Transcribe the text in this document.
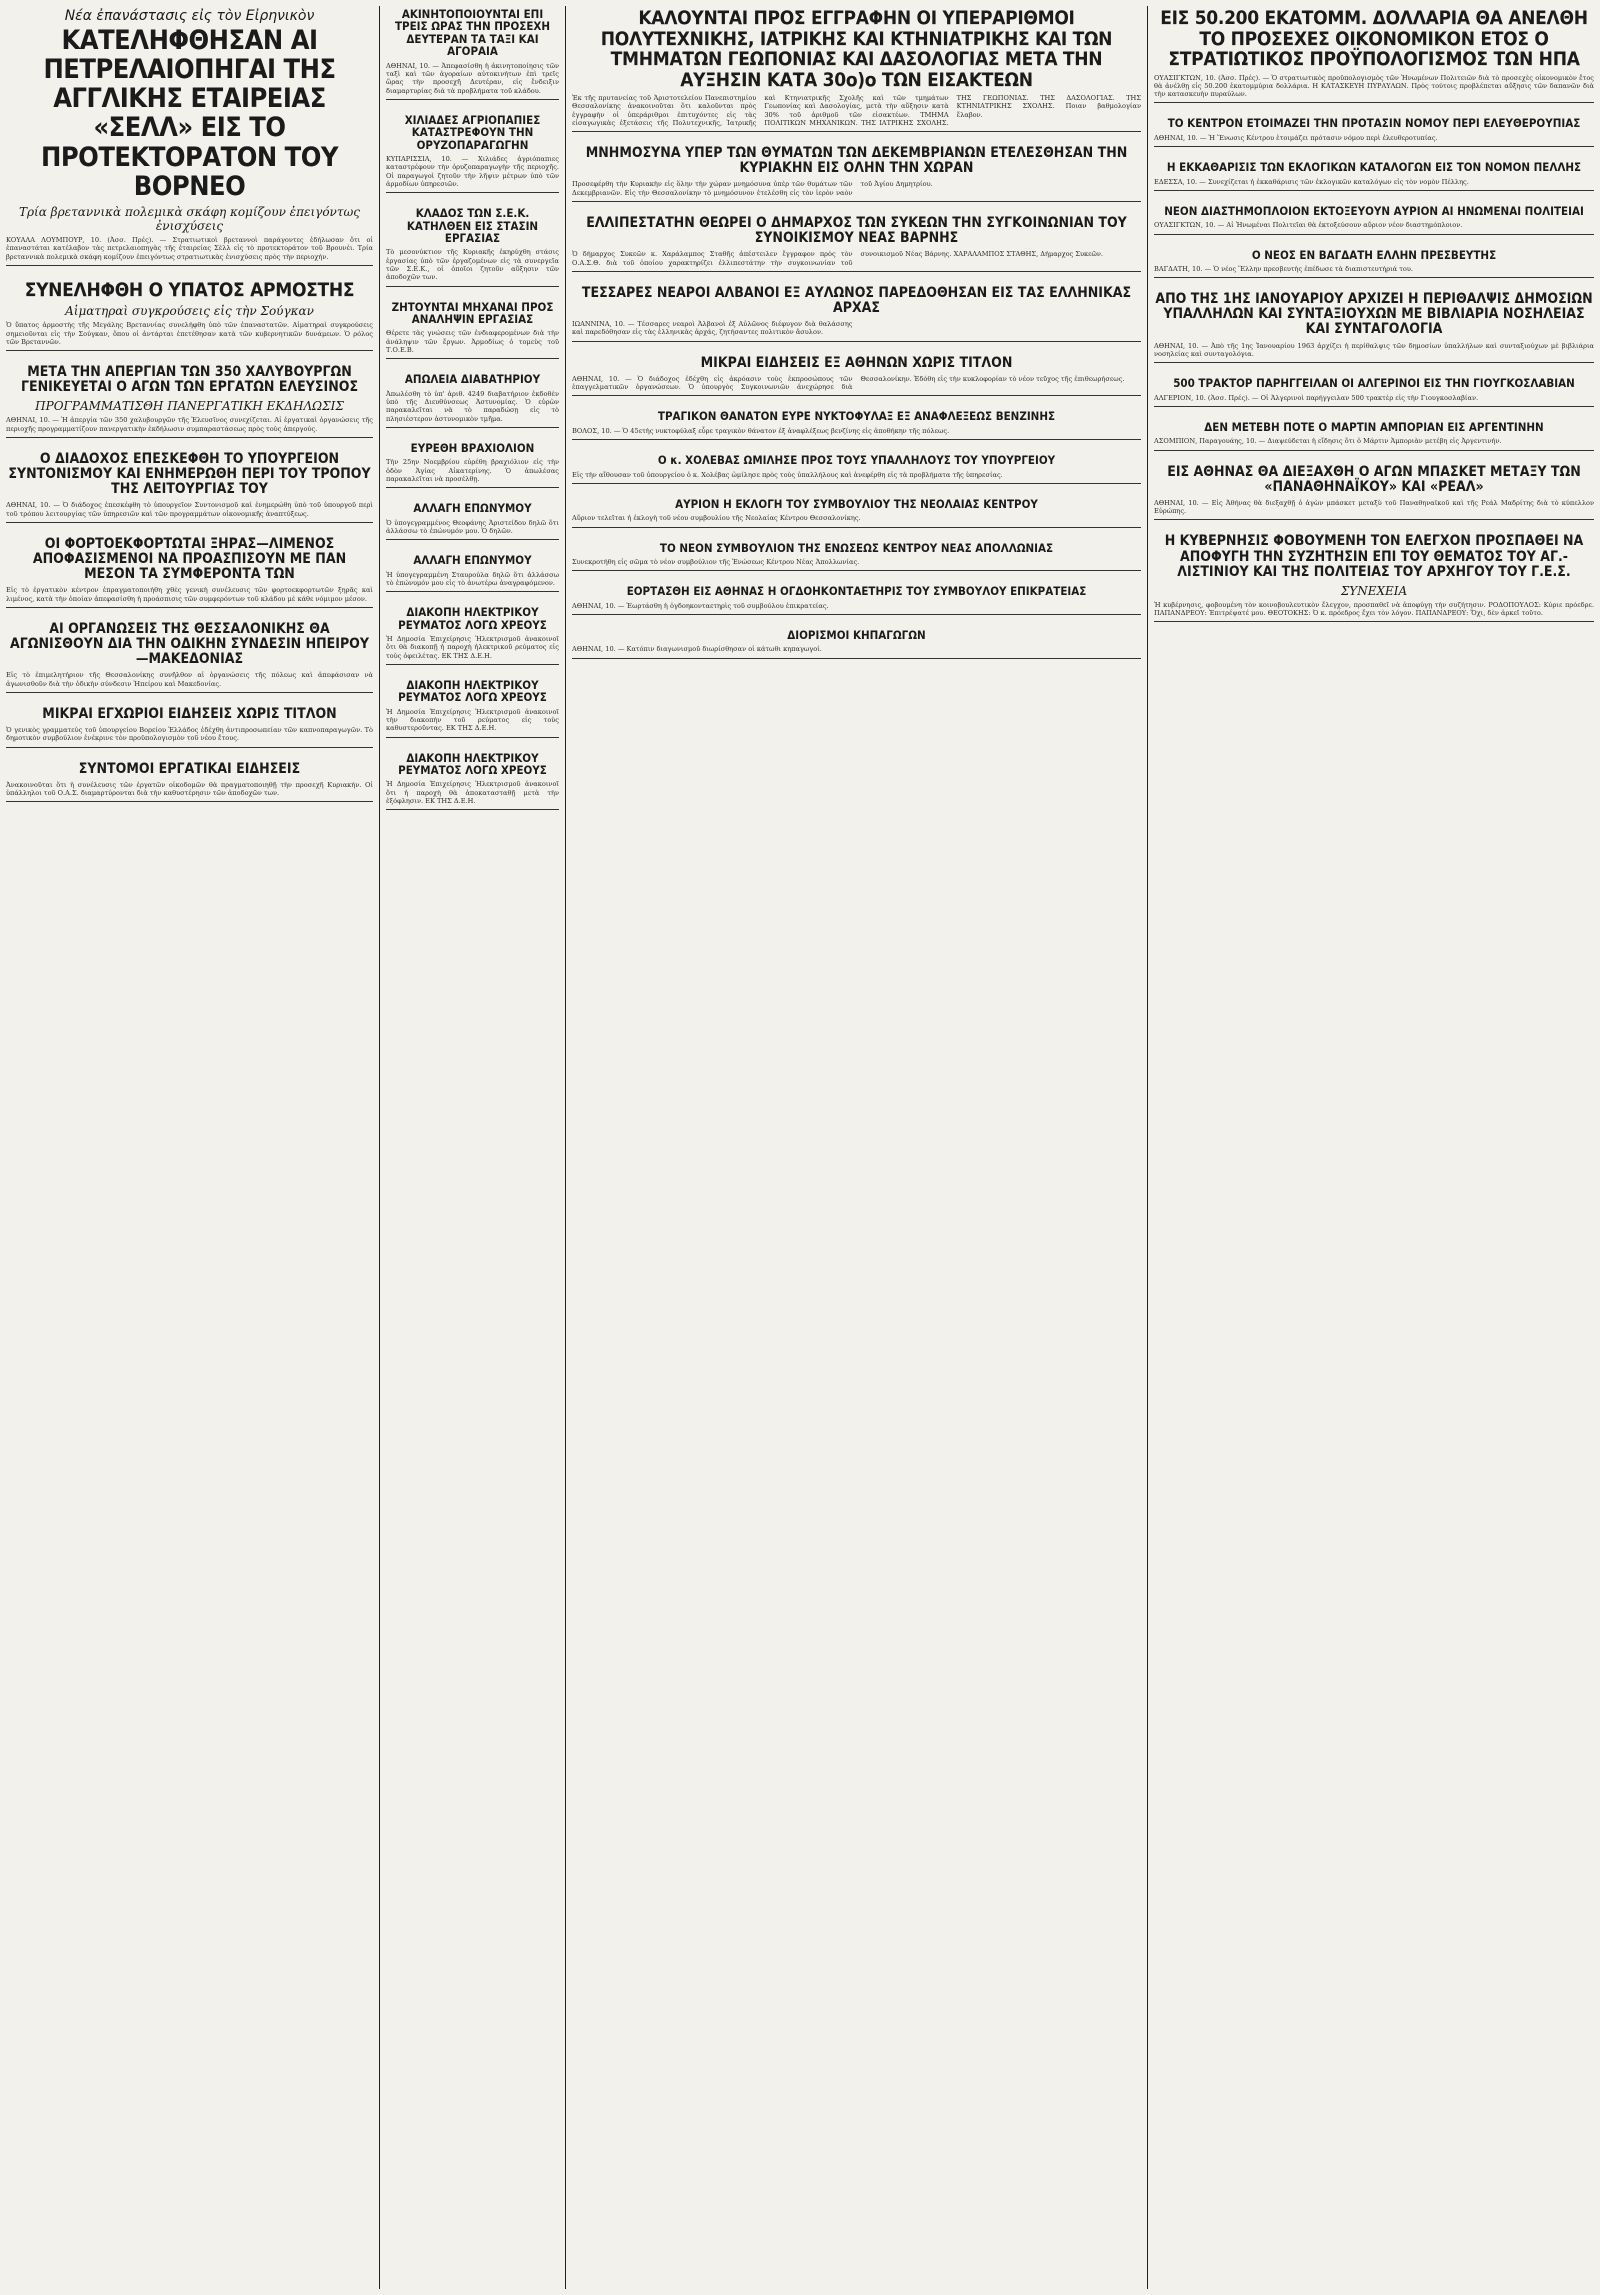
Νέα ἐπανάστασις εἰς τὸν Εἰρηνικὸν
ΚΑΤΕΛΗΦΘΗΣΑΝ ΑΙ ΠΕΤΡΕΛΑΙΟΠΗΓΑΙ ΤΗΣ ΑΓΓΛΙΚΗΣ ΕΤΑΙΡΕΙΑΣ «ΣΕΛΛ» ΕΙΣ ΤΟ ΠΡΟΤΕΚΤΟΡΑΤΟΝ ΤΟΥ ΒΟΡΝΕΟ
Τρία βρεταννικὰ πολεμικὰ σκάφη κομίζουν ἐπειγόντως ἐνισχύσεις
ΚΟΥΑΛΑ ΛΟΥΜΠΟΥΡ, 10. (Ἀσσ. Πρές). — Στρατιωτικοὶ βρεταννοὶ παράγοντες ἐδήλωσαν ὅτι οἱ ἐπαναστάται κατέλαβον τὰς πετρελαιοπηγὰς τῆς ἑταιρείας Σὲλλ εἰς τὸ προτεκτοράτον τοῦ Βρουνέι. Τρία βρεταννικὰ πολεμικὰ σκάφη κομίζουν ἐπειγόντως στρατιωτικὰς ἐνισχύσεις πρὸς τὴν περιοχήν.
ΣΥΝΕΛΗΦΘΗ Ο ΥΠΑΤΟΣ ΑΡΜΟΣΤΗΣ
Αἱματηραὶ συγκρούσεις εἰς τὴν Σούγκαν
Ὁ ὕπατος ἁρμοστὴς τῆς Μεγάλης Βρεταννίας συνελήφθη ὑπὸ τῶν ἐπαναστατῶν. Αἱματηραὶ συγκρούσεις σημειοῦνται εἰς τὴν Σούγκαν, ὅπου οἱ ἀντάρται ἐπετέθησαν κατὰ τῶν κυβερνητικῶν δυνάμεων. Ὁ ρόλος τῶν Βρεταννῶν.
ΜΕΤΑ ΤΗΝ ΑΠΕΡΓΙΑΝ ΤΩΝ 350 ΧΑΛΥΒΟΥΡΓΩΝ ΓΕΝΙΚΕΥΕΤΑΙ Ο ΑΓΩΝ ΤΩΝ ΕΡΓΑΤΩΝ ΕΛΕΥΣΙΝΟΣ
ΠΡΟΓΡΑΜΜΑΤΙΣΘΗ ΠΑΝΕΡΓΑΤΙΚΗ ΕΚΔΗΛΩΣΙΣ
ΑΘΗΝΑΙ, 10. — Ἡ ἀπεργία τῶν 350 χαλυβουργῶν τῆς Ἐλευσῖνος συνεχίζεται. Αἱ ἐργατικαὶ ὀργανώσεις τῆς περιοχῆς προγραμματίζουν πανεργατικὴν ἐκδήλωσιν συμπαραστάσεως πρὸς τοὺς ἀπεργούς.
Ο ΔΙΑΔΟΧΟΣ ΕΠΕΣΚΕΦΘΗ ΤΟ ΥΠΟΥΡΓΕΙΟΝ ΣΥΝΤΟΝΙΣΜΟΥ ΚΑΙ ΕΝΗΜΕΡΩΘΗ ΠΕΡΙ ΤΟΥ ΤΡΟΠΟΥ ΤΗΣ ΛΕΙΤΟΥΡΓΙΑΣ ΤΟΥ
ΑΘΗΝΑΙ, 10. — Ὁ διάδοχος ἐπεσκέφθη τὸ ὑπουργεῖον Συντονισμοῦ καὶ ἐνημερώθη ὑπὸ τοῦ ὑπουργοῦ περὶ τοῦ τρόπου λειτουργίας τῶν ὑπηρεσιῶν καὶ τῶν προγραμμάτων οἰκονομικῆς ἀναπτύξεως.
ΟΙ ΦΟΡΤΟΕΚΦΟΡΤΩΤΑΙ ΞΗΡΑΣ—ΛΙΜΕΝΟΣ ΑΠΟΦΑΣΙΣΜΕΝΟΙ ΝΑ ΠΡΟΑΣΠΙΣΟΥΝ ΜΕ ΠΑΝ ΜΕΣΟΝ ΤΑ ΣΥΜΦΕΡΟΝΤΑ ΤΩΝ
Εἰς τὸ ἐργατικὸν κέντρον ἐπραγματοποιήθη χθὲς γενικὴ συνέλευσις τῶν φορτοεκφορτωτῶν ξηρᾶς καὶ λιμένος, κατὰ τὴν ὁποίαν ἀπεφασίσθη ἡ προάσπισις τῶν συμφερόντων τοῦ κλάδου μὲ κάθε νόμιμον μέσον.
ΑΙ ΟΡΓΑΝΩΣΕΙΣ ΤΗΣ ΘΕΣΣΑΛΟΝΙΚΗΣ ΘΑ ΑΓΩΝΙΣΘΟΥΝ ΔΙΑ ΤΗΝ ΟΔΙΚΗΝ ΣΥΝΔΕΣΙΝ ΗΠΕΙΡΟΥ—ΜΑΚΕΔΟΝΙΑΣ
Εἰς τὸ ἐπιμελητήριον τῆς Θεσσαλονίκης συνῆλθον αἱ ὀργανώσεις τῆς πόλεως καὶ ἀπεφάσισαν νὰ ἀγωνισθοῦν διὰ τὴν ὁδικὴν σύνδεσιν Ἠπείρου καὶ Μακεδονίας.
ΜΙΚΡΑΙ ΕΓΧΩΡΙΟΙ ΕΙΔΗΣΕΙΣ ΧΩΡΙΣ ΤΙΤΛΟΝ
Ὁ γενικὸς γραμματεὺς τοῦ ὑπουργείου Βορείου Ἑλλάδος ἐδέχθη ἀντιπροσωπείαν τῶν καπνοπαραγωγῶν. Τὸ δημοτικὸν συμβούλιον ἐνέκρινε τὸν προϋπολογισμὸν τοῦ νέου ἔτους.
ΣΥΝΤΟΜΟΙ ΕΡΓΑΤΙΚΑΙ ΕΙΔΗΣΕΙΣ
Ἀνακοινοῦται ὅτι ἡ συνέλευσις τῶν ἐργατῶν οἰκοδομῶν θὰ πραγματοποιηθῇ τὴν προσεχῆ Κυριακήν. Οἱ ὑπάλληλοι τοῦ Ο.Α.Σ. διαμαρτύρονται διὰ τὴν καθυστέρησιν τῶν ἀποδοχῶν των.
ΑΚΙΝΗΤΟΠΟΙΟΥΝΤΑΙ ΕΠΙ ΤΡΕΙΣ ΩΡΑΣ ΤΗΝ ΠΡΟΣΕΧΗ ΔΕΥΤΕΡΑΝ ΤΑ ΤΑΞΙ ΚΑΙ ΑΓΟΡΑΙΑ
ΑΘΗΝΑΙ, 10. — Ἀπεφασίσθη ἡ ἀκινητοποίησις τῶν ταξὶ καὶ τῶν ἀγοραίων αὐτοκινήτων ἐπὶ τρεῖς ὥρας τὴν προσεχῆ Δευτέραν, εἰς ἔνδειξιν διαμαρτυρίας διὰ τὰ προβλήματα τοῦ κλάδου.
ΧΙΛΙΑΔΕΣ ΑΓΡΙΟΠΑΠΙΕΣ ΚΑΤΑΣΤΡΕΦΟΥΝ ΤΗΝ ΟΡΥΖΟΠΑΡΑΓΩΓΗΝ
ΚΥΠΑΡΙΣΣΙΑ, 10. — Χιλιάδες ἀγριόπαπιες καταστρέφουν τὴν ὀρυζοπαραγωγὴν τῆς περιοχῆς. Οἱ παραγωγοὶ ζητοῦν τὴν λῆψιν μέτρων ὑπὸ τῶν ἁρμοδίων ὑπηρεσιῶν.
ΚΛΑΔΟΣ ΤΩΝ Σ.Ε.Κ. ΚΑΤΗΛΘΕΝ ΕΙΣ ΣΤΑΣΙΝ ΕΡΓΑΣΙΑΣ
Τὸ μεσονύκτιον τῆς Κυριακῆς ἐκηρύχθη στάσις ἐργασίας ὑπὸ τῶν ἐργαζομένων εἰς τὰ συνεργεῖα τῶν Σ.Ε.Κ., οἱ ὁποῖοι ζητοῦν αὔξησιν τῶν ἀποδοχῶν των.
ΖΗΤΟΥΝΤΑΙ ΜΗΧΑΝΑΙ ΠΡΟΣ ΑΝΑΛΗΨΙΝ ΕΡΓΑΣΙΑΣ
Θέρετε τὰς γνώσεις τῶν ἐνδιαφερομένων διὰ τὴν ἀνάληψιν τῶν ἔργων. Ἁρμοδίως ὁ τομεὺς τοῦ Τ.Ο.Ε.Β.
ΑΠΩΛΕΙΑ ΔΙΑΒΑΤΗΡΙΟΥ
Ἀπωλέσθη τὸ ὑπ' ἀριθ. 4249 διαβατήριον ἐκδοθὲν ὑπὸ τῆς Διευθύνσεως Ἀστυνομίας. Ὁ εὑρὼν παρακαλεῖται νὰ τὸ παραδώσῃ εἰς τὸ πλησιέστερον ἀστυνομικὸν τμῆμα.
ΕΥΡΕΘΗ ΒΡΑΧΙΟΛΙΟΝ
Τὴν 25ην Νοεμβρίου εὑρέθη βραχιόλιον εἰς τὴν ὁδὸν Ἁγίας Αἰκατερίνης. Ὁ ἀπωλέσας παρακαλεῖται νὰ προσέλθῃ.
ΑΛΛΑΓΗ ΕΠΩΝΥΜΟΥ
Ὁ ὑπογεγραμμένος Θεοφάνης Ἀριστείδου δηλῶ ὅτι ἀλλάσσω τὸ ἐπώνυμόν μου. Ὁ δηλῶν.
ΑΛΛΑΓΗ ΕΠΩΝΥΜΟΥ
Ἡ ὑπογεγραμμένη Σταυρούλα δηλῶ ὅτι ἀλλάσσω τὸ ἐπώνυμόν μου εἰς τὸ ἀνωτέρω ἀναγραφόμενον.
ΔΙΑΚΟΠΗ ΗΛΕΚΤΡΙΚΟΥ ΡΕΥΜΑΤΟΣ ΛΟΓΩ ΧΡΕΟΥΣ
Ἡ Δημοσία Ἐπιχείρησις Ἠλεκτρισμοῦ ἀνακοινοῖ ὅτι θὰ διακοπῇ ἡ παροχὴ ἠλεκτρικοῦ ρεύματος εἰς τοὺς ὀφειλέτας. ΕΚ ΤΗΣ Δ.Ε.Η.
ΔΙΑΚΟΠΗ ΗΛΕΚΤΡΙΚΟΥ ΡΕΥΜΑΤΟΣ ΛΟΓΩ ΧΡΕΟΥΣ
Ἡ Δημοσία Ἐπιχείρησις Ἠλεκτρισμοῦ ἀνακοινοῖ τὴν διακοπὴν τοῦ ρεύματος εἰς τοὺς καθυστεροῦντας. ΕΚ ΤΗΣ Δ.Ε.Η.
ΔΙΑΚΟΠΗ ΗΛΕΚΤΡΙΚΟΥ ΡΕΥΜΑΤΟΣ ΛΟΓΩ ΧΡΕΟΥΣ
Ἡ Δημοσία Ἐπιχείρησις Ἠλεκτρισμοῦ ἀνακοινοῖ ὅτι ἡ παροχὴ θὰ ἀποκατασταθῇ μετὰ τὴν ἐξόφλησιν. ΕΚ ΤΗΣ Δ.Ε.Η.
ΚΑΛΟΥΝΤΑΙ ΠΡΟΣ ΕΓΓΡΑΦΗΝ ΟΙ ΥΠΕΡΑΡΙΘΜΟΙ ΠΟΛΥΤΕΧΝΙΚΗΣ, ΙΑΤΡΙΚΗΣ ΚΑΙ ΚΤΗΝΙΑΤΡΙΚΗΣ ΚΑΙ ΤΩΝ ΤΜΗΜΑΤΩΝ ΓΕΩΠΟΝΙΑΣ ΚΑΙ ΔΑΣΟΛΟΓΙΑΣ ΜΕΤΑ ΤΗΝ ΑΥΞΗΣΙΝ ΚΑΤΑ 30ο)ο ΤΩΝ ΕΙΣΑΚΤΕΩΝ
Ἐκ τῆς πρυτανείας τοῦ Ἀριστοτελείου Πανεπιστημίου Θεσσαλονίκης ἀνακοινοῦται ὅτι καλοῦνται πρὸς ἐγγραφὴν οἱ ὑπεράριθμοι ἐπιτυχόντες εἰς τὰς εἰσαγωγικὰς ἐξετάσεις τῆς Πολυτεχνικῆς, Ἰατρικῆς καὶ Κτηνιατρικῆς Σχολῆς καὶ τῶν τμημάτων Γεωπονίας καὶ Δασολογίας, μετὰ τὴν αὔξησιν κατὰ 30% τοῦ ἀριθμοῦ τῶν εἰσακτέων. ΤΜΗΜΑ ΠΟΛΙΤΙΚΩΝ ΜΗΧΑΝΙΚΩΝ. ΤΗΣ ΙΑΤΡΙΚΗΣ ΣΧΟΛΗΣ. ΤΗΣ ΓΕΩΠΟΝΙΑΣ. ΤΗΣ ΔΑΣΟΛΟΓΙΑΣ. ΤΗΣ ΚΤΗΝΙΑΤΡΙΚΗΣ ΣΧΟΛΗΣ. Ποιαν βαθμολογίαν ἔλαβον.
ΜΝΗΜΟΣΥΝΑ ΥΠΕΡ ΤΩΝ ΘΥΜΑΤΩΝ ΤΩΝ ΔΕΚΕΜΒΡΙΑΝΩΝ ΕΤΕΛΕΣΘΗΣΑΝ ΤΗΝ ΚΥΡΙΑΚΗΝ ΕΙΣ ΟΛΗΝ ΤΗΝ ΧΩΡΑΝ
Προσεφέρθη τὴν Κυριακὴν εἰς ὅλην τὴν χώραν μνημόσυνα ὑπὲρ τῶν θυμάτων τῶν Δεκεμβριανῶν. Εἰς τὴν Θεσσαλονίκην τὸ μνημόσυνον ἐτελέσθη εἰς τὸν ἱερὸν ναὸν τοῦ Ἁγίου Δημητρίου.
ΕΛΛΙΠΕΣΤΑΤΗΝ ΘΕΩΡΕΙ Ο ΔΗΜΑΡΧΟΣ ΤΩΝ ΣΥΚΕΩΝ ΤΗΝ ΣΥΓΚΟΙΝΩΝΙΑΝ ΤΟΥ ΣΥΝΟΙΚΙΣΜΟΥ ΝΕΑΣ ΒΑΡΝΗΣ
Ὁ δήμαρχος Συκεῶν κ. Χαράλαμπος Σταθῆς ἀπέστειλεν ἔγγραφον πρὸς τὸν Ο.Α.Σ.Θ. διὰ τοῦ ὁποίου χαρακτηρίζει ἐλλιπεστάτην τὴν συγκοινωνίαν τοῦ συνοικισμοῦ Νέας Βάρνης. ΧΑΡΑΛΑΜΠΟΣ ΣΤΑΘΗΣ, Δήμαρχος Συκεῶν.
ΤΕΣΣΑΡΕΣ ΝΕΑΡΟΙ ΑΛΒΑΝΟΙ ΕΞ ΑΥΛΩΝΟΣ ΠΑΡΕΔΟΘΗΣΑΝ ΕΙΣ ΤΑΣ ΕΛΛΗΝΙΚΑΣ ΑΡΧΑΣ
ΙΩΑΝΝΙΝΑ, 10. — Τέσσαρες νεαροὶ Ἀλβανοὶ ἐξ Αὐλῶνος διέφυγον διὰ θαλάσσης καὶ παρεδόθησαν εἰς τὰς ἑλληνικὰς ἀρχάς, ζητήσαντες πολιτικὸν ἄσυλον.
ΜΙΚΡΑΙ ΕΙΔΗΣΕΙΣ ΕΞ ΑΘΗΝΩΝ ΧΩΡΙΣ ΤΙΤΛΟΝ
ΑΘΗΝΑΙ, 10. — Ὁ διάδοχος ἐδέχθη εἰς ἀκρόασιν τοὺς ἐκπροσώπους τῶν ἐπαγγελματικῶν ὀργανώσεων. Ὁ ὑπουργὸς Συγκοινωνιῶν ἀνεχώρησε διὰ Θεσσαλονίκην. Ἐδόθη εἰς τὴν κυκλοφορίαν τὸ νέον τεῦχος τῆς ἐπιθεωρήσεως.
ΤΡΑΓΙΚΟΝ ΘΑΝΑΤΟΝ ΕΥΡΕ ΝΥΚΤΟΦΥΛΑΞ ΕΞ ΑΝΑΦΛΕΞΕΩΣ ΒΕΝΖΙΝΗΣ
ΒΟΛΟΣ, 10. — Ὁ 45ετὴς νυκτοφύλαξ εὗρε τραγικὸν θάνατον ἐξ ἀναφλέξεως βενζίνης εἰς ἀποθήκην τῆς πόλεως.
Ο κ. ΧΟΛΕΒΑΣ ΩΜΙΛΗΣΕ ΠΡΟΣ ΤΟΥΣ ΥΠΑΛΛΗΛΟΥΣ ΤΟΥ ΥΠΟΥΡΓΕΙΟΥ
Εἰς τὴν αἴθουσαν τοῦ ὑπουργείου ὁ κ. Χολέβας ὡμίλησε πρὸς τοὺς ὑπαλλήλους καὶ ἀνεφέρθη εἰς τὰ προβλήματα τῆς ὑπηρεσίας.
ΑΥΡΙΟΝ Η ΕΚΛΟΓΗ ΤΟΥ ΣΥΜΒΟΥΛΙΟΥ ΤΗΣ ΝΕΟΛΑΙΑΣ ΚΕΝΤΡΟΥ
Αὔριον τελεῖται ἡ ἐκλογὴ τοῦ νέου συμβουλίου τῆς Νεολαίας Κέντρου Θεσσαλονίκης.
ΤΟ ΝΕΟΝ ΣΥΜΒΟΥΛΙΟΝ ΤΗΣ ΕΝΩΣΕΩΣ ΚΕΝΤΡΟΥ ΝΕΑΣ ΑΠΟΛΛΩΝΙΑΣ
Συνεκροτήθη εἰς σῶμα τὸ νέον συμβούλιον τῆς Ἑνώσεως Κέντρου Νέας Ἀπολλωνίας.
ΕΟΡΤΑΣΘΗ ΕΙΣ ΑΘΗΝΑΣ Η ΟΓΔΟΗΚΟΝΤΑΕΤΗΡΙΣ ΤΟΥ ΣΥΜΒΟΥΛΟΥ ΕΠΙΚΡΑΤΕΙΑΣ
ΑΘΗΝΑΙ, 10. — Ἑωρτάσθη ἡ ὀγδοηκονταετηρὶς τοῦ συμβούλου ἐπικρατείας.
ΔΙΟΡΙΣΜΟΙ ΚΗΠΑΓΩΓΩΝ
ΑΘΗΝΑΙ, 10. — Κατόπιν διαγωνισμοῦ διωρίσθησαν οἱ κάτωθι κηπαγωγοί.
ΕΙΣ 50.200 ΕΚΑΤΟΜΜ. ΔΟΛΛΑΡΙΑ ΘΑ ΑΝΕΛΘΗ ΤΟ ΠΡΟΣΕΧΕΣ ΟΙΚΟΝΟΜΙΚΟΝ ΕΤΟΣ Ο ΣΤΡΑΤΙΩΤΙΚΟΣ ΠΡΟΫΠΟΛΟΓΙΣΜΟΣ ΤΩΝ ΗΠΑ
ΟΥΑΣΙΓΚΤΩΝ, 10. (Ἀσσ. Πρές). — Ὁ στρατιωτικὸς προϋπολογισμὸς τῶν Ἡνωμένων Πολιτειῶν διὰ τὸ προσεχὲς οἰκονομικὸν ἔτος θὰ ἀνέλθῃ εἰς 50.200 ἑκατομμύρια δολλάρια. Η ΚΑΤΑΣΚΕΥΗ ΠΥΡΑΥΛΩΝ. Πρὸς τούτοις προβλέπεται αὔξησις τῶν δαπανῶν διὰ τὴν κατασκευὴν πυραύλων.
ΤΟ ΚΕΝΤΡΟΝ ΕΤΟΙΜΑΖΕΙ ΤΗΝ ΠΡΟΤΑΣΙΝ ΝΟΜΟΥ ΠΕΡΙ ΕΛΕΥΘΕΡΟΥΠΙΑΣ
ΑΘΗΝΑΙ, 10. — Ἡ Ἕνωσις Κέντρου ἑτοιμάζει πρότασιν νόμου περὶ ἐλευθεροτυπίας.
Η ΕΚΚΑΘΑΡΙΣΙΣ ΤΩΝ ΕΚΛΟΓΙΚΩΝ ΚΑΤΑΛΟΓΩΝ ΕΙΣ ΤΟΝ ΝΟΜΟΝ ΠΕΛΛΗΣ
ΕΔΕΣΣΑ, 10. — Συνεχίζεται ἡ ἐκκαθάρισις τῶν ἐκλογικῶν καταλόγων εἰς τὸν νομὸν Πέλλης.
ΝΕΟΝ ΔΙΑΣΤΗΜΟΠΛΟΙΟΝ ΕΚΤΟΞΕΥΟΥΝ ΑΥΡΙΟΝ ΑΙ ΗΝΩΜΕΝΑΙ ΠΟΛΙΤΕΙΑΙ
ΟΥΑΣΙΓΚΤΩΝ, 10. — Αἱ Ἡνωμέναι Πολιτεῖαι θὰ ἐκτοξεύσουν αὔριον νέον διαστημόπλοιον.
Ο ΝΕΟΣ ΕΝ ΒΑΓΔΑΤΗ ΕΛΛΗΝ ΠΡΕΣΒΕΥΤΗΣ
ΒΑΓΔΑΤΗ, 10. — Ὁ νέος Ἕλλην πρεσβευτὴς ἐπέδωσε τὰ διαπιστευτήριά του.
ΑΠΟ ΤΗΣ 1ΗΣ ΙΑΝΟΥΑΡΙΟΥ ΑΡΧΙΖΕΙ Η ΠΕΡΙΘΑΛΨΙΣ ΔΗΜΟΣΙΩΝ ΥΠΑΛΛΗΛΩΝ ΚΑΙ ΣΥΝΤΑΞΙΟΥΧΩΝ ΜΕ ΒΙΒΛΙΑΡΙΑ ΝΟΣΗΛΕΙΑΣ ΚΑΙ ΣΥΝΤΑΓΟΛΟΓΙΑ
ΑΘΗΝΑΙ, 10. — Ἀπὸ τῆς 1ης Ἰανουαρίου 1963 ἀρχίζει ἡ περίθαλψις τῶν δημοσίων ὑπαλλήλων καὶ συνταξιούχων μὲ βιβλιάρια νοσηλείας καὶ συνταγολόγια.
500 ΤΡΑΚΤΟΡ ΠΑΡΗΓΓΕΙΛΑΝ ΟΙ ΑΛΓΕΡΙΝΟΙ ΕΙΣ ΤΗΝ ΓΙΟΥΓΚΟΣΛΑΒΙΑΝ
ΑΛΓΕΡΙΟΝ, 10. (Ἀσσ. Πρές). — Οἱ Ἀλγερινοὶ παρήγγειλαν 500 τρακτὲρ εἰς τὴν Γιουγκοσλαβίαν.
ΔΕΝ ΜΕΤΕΒΗ ΠΟΤΕ Ο ΜΑΡΤΙΝ ΑΜΠΟΡΙΑΝ ΕΙΣ ΑΡΓΕΝΤΙΝΗΝ
ΑΣΟΜΠΙΟΝ, Παραγουάης, 10. — Διαψεύδεται ἡ εἴδησις ὅτι ὁ Μάρτιν Ἀμποριὰν μετέβη εἰς Ἀργεντινήν.
ΕΙΣ ΑΘΗΝΑΣ ΘΑ ΔΙΕΞΑΧΘΗ Ο ΑΓΩΝ ΜΠΑΣΚΕΤ ΜΕΤΑΞΥ ΤΩΝ «ΠΑΝΑΘΗΝΑΪΚΟΥ» ΚΑΙ «ΡΕΑΛ»
ΑΘΗΝΑΙ, 10. — Εἰς Ἀθήνας θὰ διεξαχθῇ ὁ ἀγὼν μπάσκετ μεταξὺ τοῦ Παναθηναϊκοῦ καὶ τῆς Ρεάλ Μαδρίτης διὰ τὸ κύπελλον Εὐρώπης.
Η ΚΥΒΕΡΝΗΣΙΣ ΦΟΒΟΥΜΕΝΗ ΤΟΝ ΕΛΕΓΧΟΝ ΠΡΟΣΠΑΘΕΙ ΝΑ ΑΠΟΦΥΓΗ ΤΗΝ ΣΥΖΗΤΗΣΙΝ ΕΠΙ ΤΟΥ ΘΕΜΑΤΟΣ ΤΟΥ ΑΓ.-ΛΙΣΤΙΝΙΟΥ ΚΑΙ ΤΗΣ ΠΟΛΙΤΕΙΑΣ ΤΟΥ ΑΡΧΗΓΟΥ ΤΟΥ Γ.Ε.Σ.
ΣΥΝΕΧΕΙΑ
Ἡ κυβέρνησις, φοβουμένη τὸν κοινοβουλευτικὸν ἔλεγχον, προσπαθεῖ νὰ ἀποφύγῃ τὴν συζήτησιν. ΡΟΔΟΠΟΥΛΟΣ: Κύριε πρόεδρε. ΠΑΠΑΝΔΡΕΟΥ: Ἐπιτρέψατέ μου. ΘΕΟΤΟΚΗΣ: Ὁ κ. πρόεδρος ἔχει τὸν λόγον. ΠΑΠΑΝΔΡΕΟΥ: Ὄχι, δὲν ἀρκεῖ τοῦτο.
